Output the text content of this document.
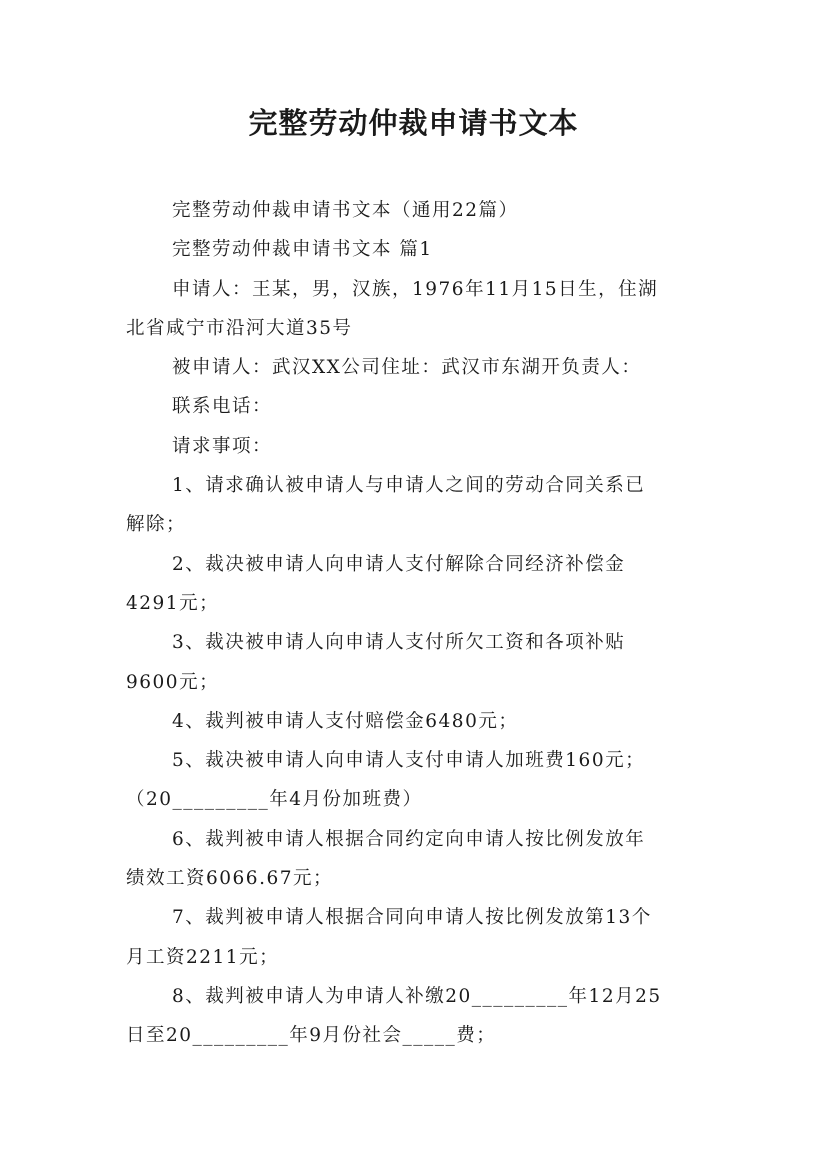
完整劳动仲裁申请书文本
完整劳动仲裁申请书文本（通用22篇）
完整劳动仲裁申请书文本 篇1
申请人：王某，男，汉族，1976年11月15日生，住湖
北省咸宁市沿河大道35号
被申请人：武汉XX公司住址：武汉市东湖开负责人：
联系电话：
请求事项：
1、请求确认被申请人与申请人之间的劳动合同关系已
解除；
2、裁决被申请人向申请人支付解除合同经济补偿金
4291元；
3、裁决被申请人向申请人支付所欠工资和各项补贴
9600元；
4、裁判被申请人支付赔偿金6480元；
5、裁决被申请人向申请人支付申请人加班费160元；
（20_________年4月份加班费）
6、裁判被申请人根据合同约定向申请人按比例发放年
绩效工资6066.67元；
7、裁判被申请人根据合同向申请人按比例发放第13个
月工资2211元；
8、裁判被申请人为申请人补缴20_________年12月25
日至20_________年9月份社会_____费；
